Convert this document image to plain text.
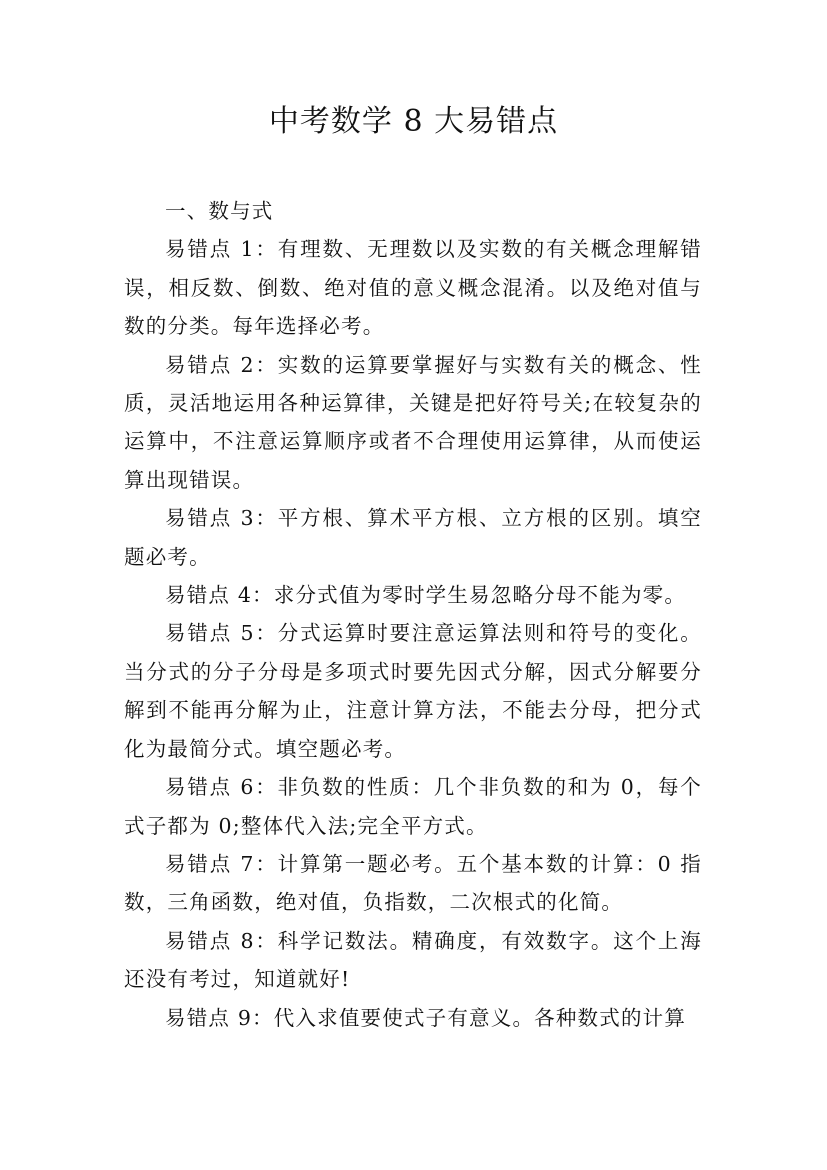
中考数学 8 大易错点

一、数与式

易错点 1：有理数、无理数以及实数的有关概念理解错误，相反数、倒数、绝对值的意义概念混淆。以及绝对值与数的分类。每年选择必考。

易错点 2：实数的运算要掌握好与实数有关的概念、性质，灵活地运用各种运算律，关键是把好符号关;在较复杂的运算中，不注意运算顺序或者不合理使用运算律，从而使运算出现错误。

易错点 3：平方根、算术平方根、立方根的区别。填空题必考。

易错点 4：求分式值为零时学生易忽略分母不能为零。

易错点 5：分式运算时要注意运算法则和符号的变化。当分式的分子分母是多项式时要先因式分解，因式分解要分解到不能再分解为止，注意计算方法，不能去分母，把分式化为最简分式。填空题必考。

易错点 6：非负数的性质：几个非负数的和为 0，每个式子都为 0;整体代入法;完全平方式。

易错点 7：计算第一题必考。五个基本数的计算：0 指数，三角函数，绝对值，负指数，二次根式的化简。

易错点 8：科学记数法。精确度，有效数字。这个上海还没有考过，知道就好!

易错点 9：代入求值要使式子有意义。各种数式的计算
